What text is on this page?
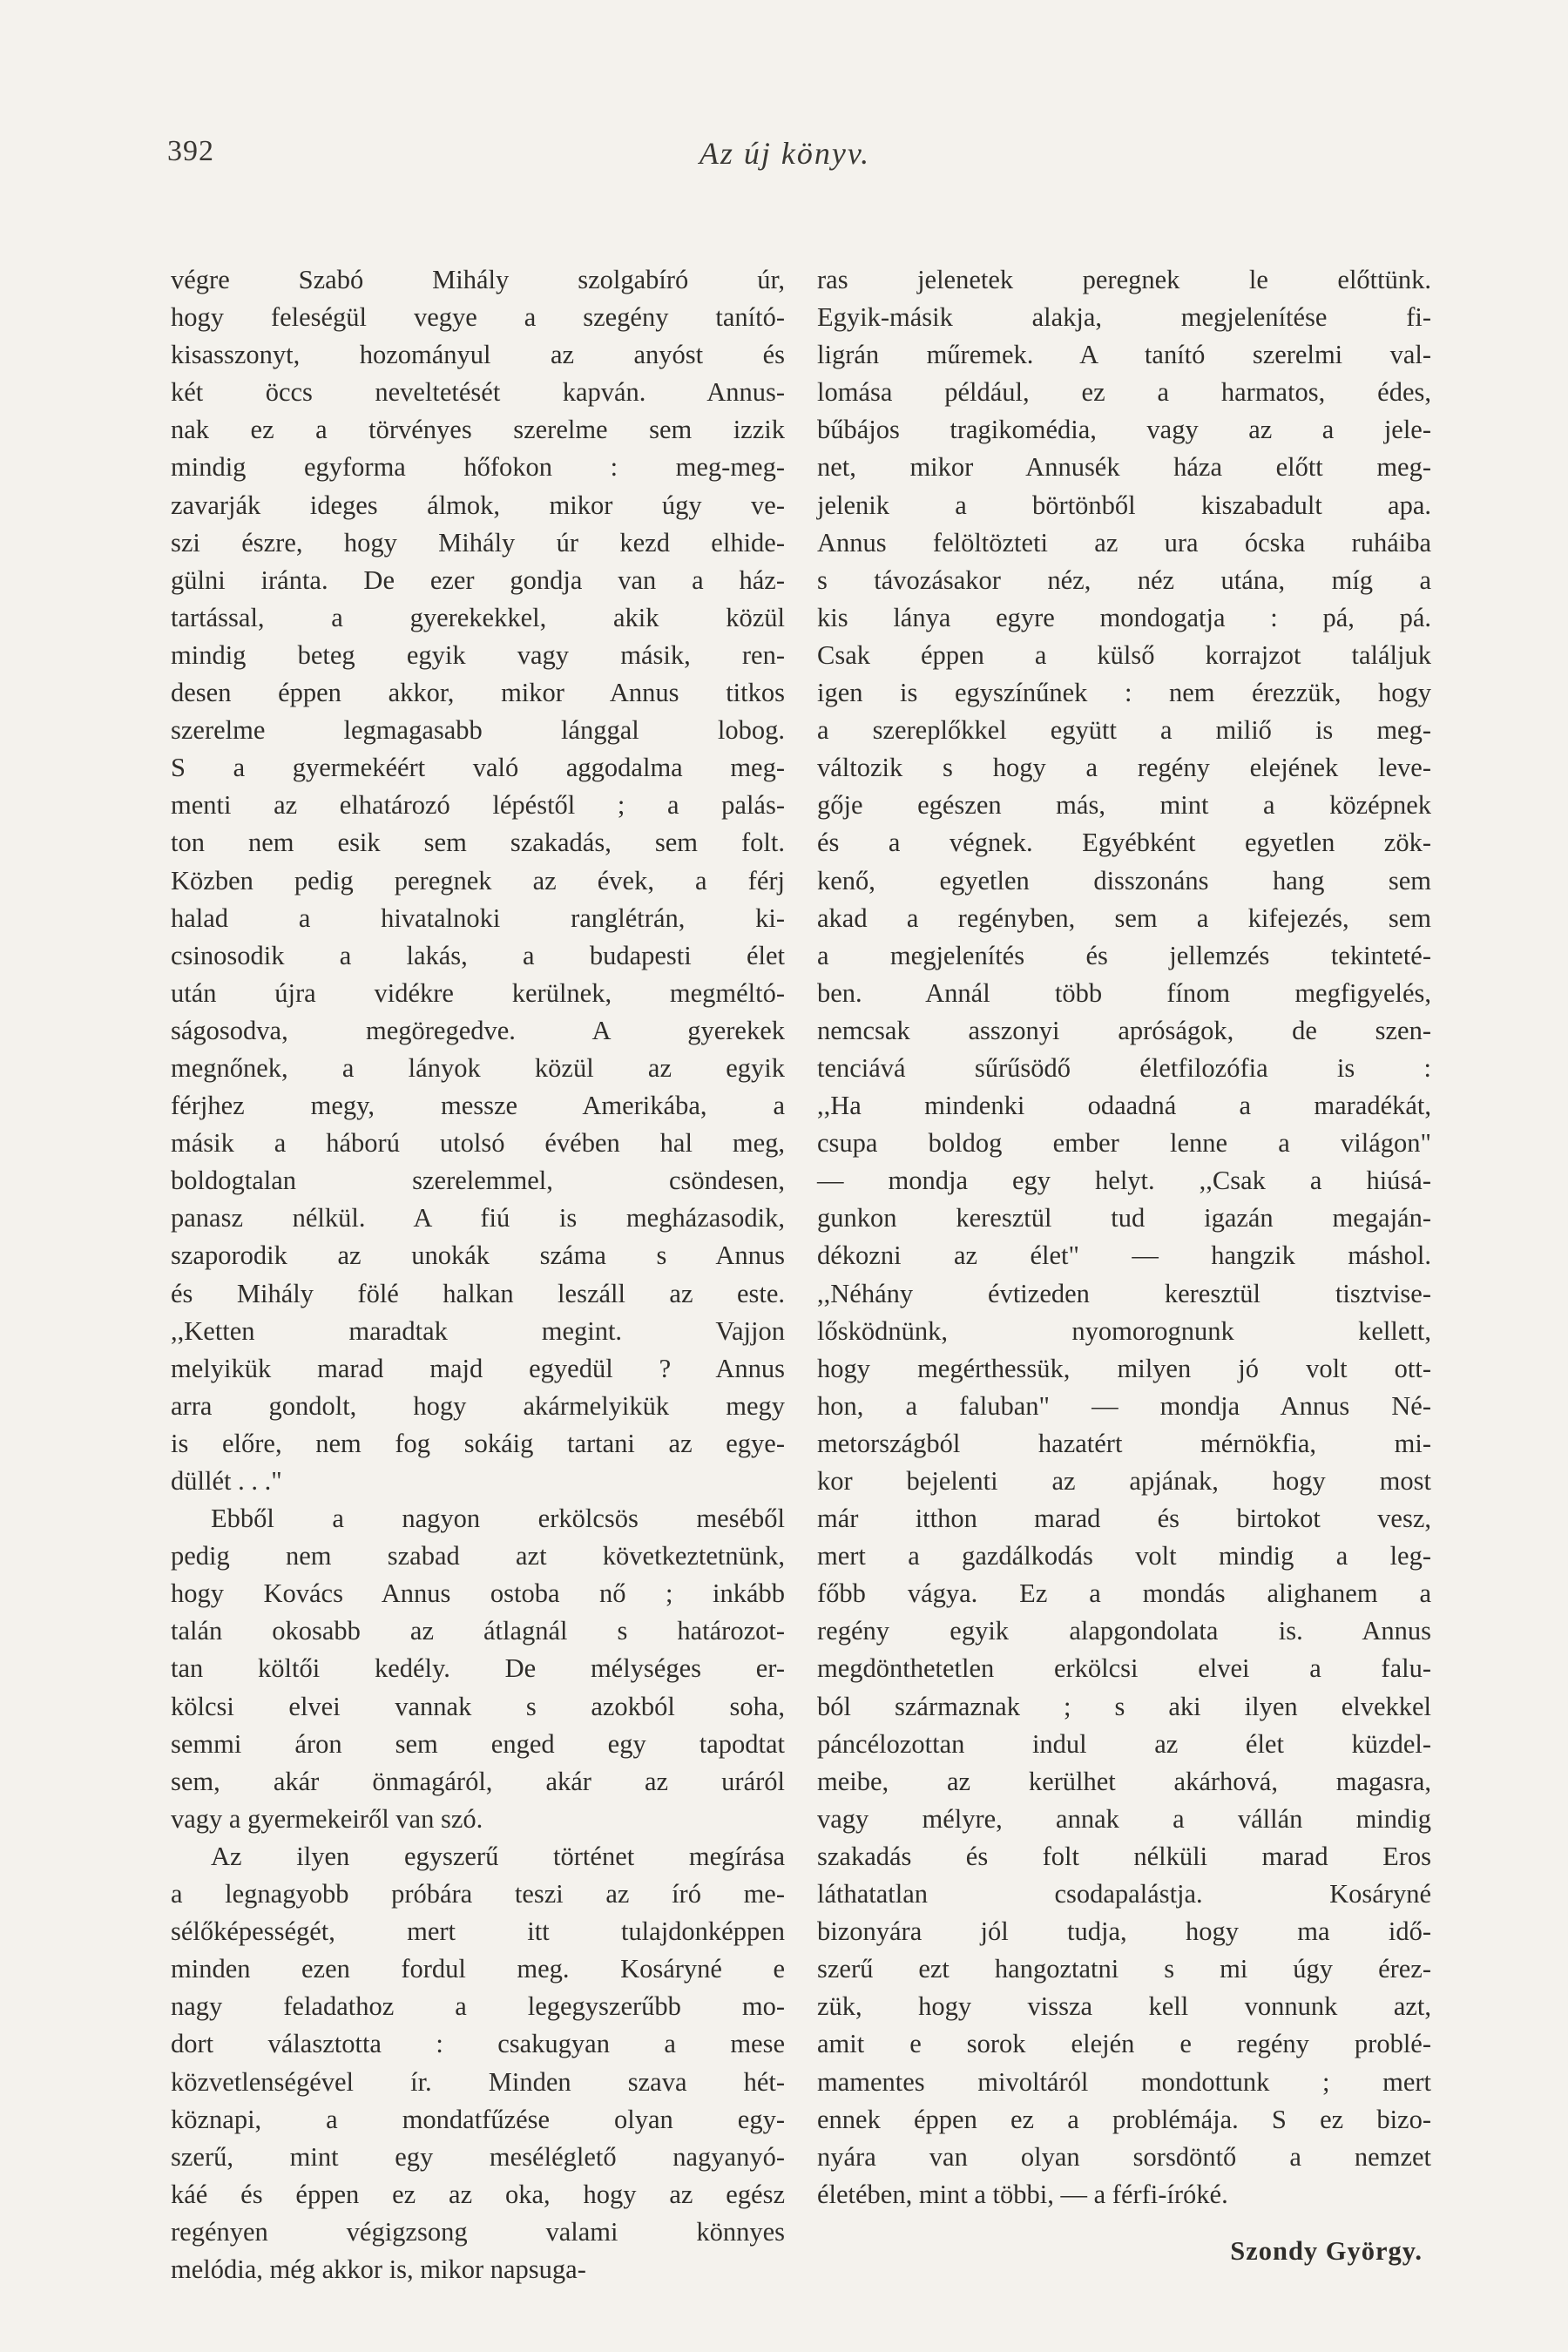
392	Az új könyv.
végre Szabó Mihály szolgabíró úr,
hogy feleségül vegye a szegény tanító-
kisasszonyt, hozományul az anyóst és
két öccs neveltetését kapván. Annus-
nak ez a törvényes szerelme sem izzik
mindig egyforma hőfokon : meg-meg-
zavarják ideges álmok, mikor úgy ve-
szi észre, hogy Mihály úr kezd elhide-
gülni iránta. De ezer gondja van a ház-
tartással, a gyerekekkel, akik közül
mindig beteg egyik vagy másik, ren-
desen éppen akkor, mikor Annus titkos
szerelme legmagasabb lánggal lobog.
S a gyermekéért való aggodalma meg-
menti az elhatározó lépéstől ; a palás-
ton nem esik sem szakadás, sem folt.
Közben pedig peregnek az évek, a férj
halad a hivatalnoki ranglétrán, ki-
csinosodik a lakás, a budapesti élet
után újra vidékre kerülnek, megméltó-
ságosodva, megöregedve. A gyerekek
megnőnek, a lányok közül az egyik
férjhez megy, messze Amerikába, a
másik a háború utolsó évében hal meg,
boldogtalan szerelemmel, csöndesen,
panasz nélkül. A fiú is megházasodik,
szaporodik az unokák száma s Annus
és Mihály fölé halkan leszáll az este.
,,Ketten maradtak megint. Vajjon
melyikük marad majd egyedül ? Annus
arra gondolt, hogy akármelyikük megy
is előre, nem fog sokáig tartani az egye-
düllét . . ."
Ebből a nagyon erkölcsös meséből
pedig nem szabad azt következtetnünk,
hogy Kovács Annus ostoba nő ; inkább
talán okosabb az átlagnál s határozot-
tan költői kedély. De mélységes er-
kölcsi elvei vannak s azokból soha,
semmi áron sem enged egy tapodtat
sem, akár önmagáról, akár az uráról
vagy a gyermekeiről van szó.
Az ilyen egyszerű történet megírása
a legnagyobb próbára teszi az író me-
sélőképességét, mert itt tulajdonképpen
minden ezen fordul meg. Kosáryné e
nagy feladathoz a legegyszerűbb mo-
dort választotta : csakugyan a mese
közvetlenségével ír. Minden szava hét-
köznapi, a mondatfűzése olyan egy-
szerű, mint egy meséléglető nagyanyó-
káé és éppen ez az oka, hogy az egész
regényen végigzsong valami könnyes
melódia, még akkor is, mikor napsuga-
ras jelenetek peregnek le előttünk.
Egyik-másik alakja, megjelenítése fi-
ligrán műremek. A tanító szerelmi val-
lomása például, ez a harmatos, édes,
bűbájos tragikomédia, vagy az a jele-
net, mikor Annusék háza előtt meg-
jelenik a börtönből kiszabadult apa.
Annus felöltözteti az ura ócska ruháiba
s távozásakor néz, néz utána, míg a
kis lánya egyre mondogatja : pá, pá.
Csak éppen a külső korrajzot találjuk
igen is egyszínűnek : nem érezzük, hogy
a szereplőkkel együtt a miliő is meg-
változik s hogy a regény elejének leve-
gője egészen más, mint a középnek
és a végnek. Egyébként egyetlen zök-
kenő, egyetlen disszonáns hang sem
akad a regényben, sem a kifejezés, sem
a megjelenítés és jellemzés tekinteté-
ben. Annál több fínom megfigyelés,
nemcsak asszonyi apróságok, de szen-
tenciává sűrűsödő életfilozófia is :
,,Ha mindenki odaadná a maradékát,
csupa boldog ember lenne a világon"
— mondja egy helyt. ,,Csak a hiúsá-
gunkon keresztül tud igazán megaján-
dékozni az élet" — hangzik máshol.
,,Néhány évtizeden keresztül tisztvise-
lősködnünk, nyomorognunk kellett,
hogy megérthessük, milyen jó volt ott-
hon, a faluban" — mondja Annus Né-
metországból hazatért mérnökfia, mi-
kor bejelenti az apjának, hogy most
már itthon marad és birtokot vesz,
mert a gazdálkodás volt mindig a leg-
főbb vágya. Ez a mondás alighanem a
regény egyik alapgondolata is. Annus
megdönthetetlen erkölcsi elvei a falu-
ból származnak ; s aki ilyen elvekkel
páncélozottan indul az élet küzdel-
meibe, az kerülhet akárhová, magasra,
vagy mélyre, annak a vállán mindig
szakadás és folt nélküli marad Eros
láthatatlan csodapalástja. Kosáryné
bizonyára jól tudja, hogy ma idő-
szerű ezt hangoztatni s mi úgy érez-
zük, hogy vissza kell vonnunk azt,
amit e sorok elején e regény problé-
mamentes mivoltáról mondottunk ; mert
ennek éppen ez a problémája. S ez bizo-
nyára van olyan sorsdöntő a nemzet
életében, mint a többi, — a férfi-íróké.
Szondy György.
